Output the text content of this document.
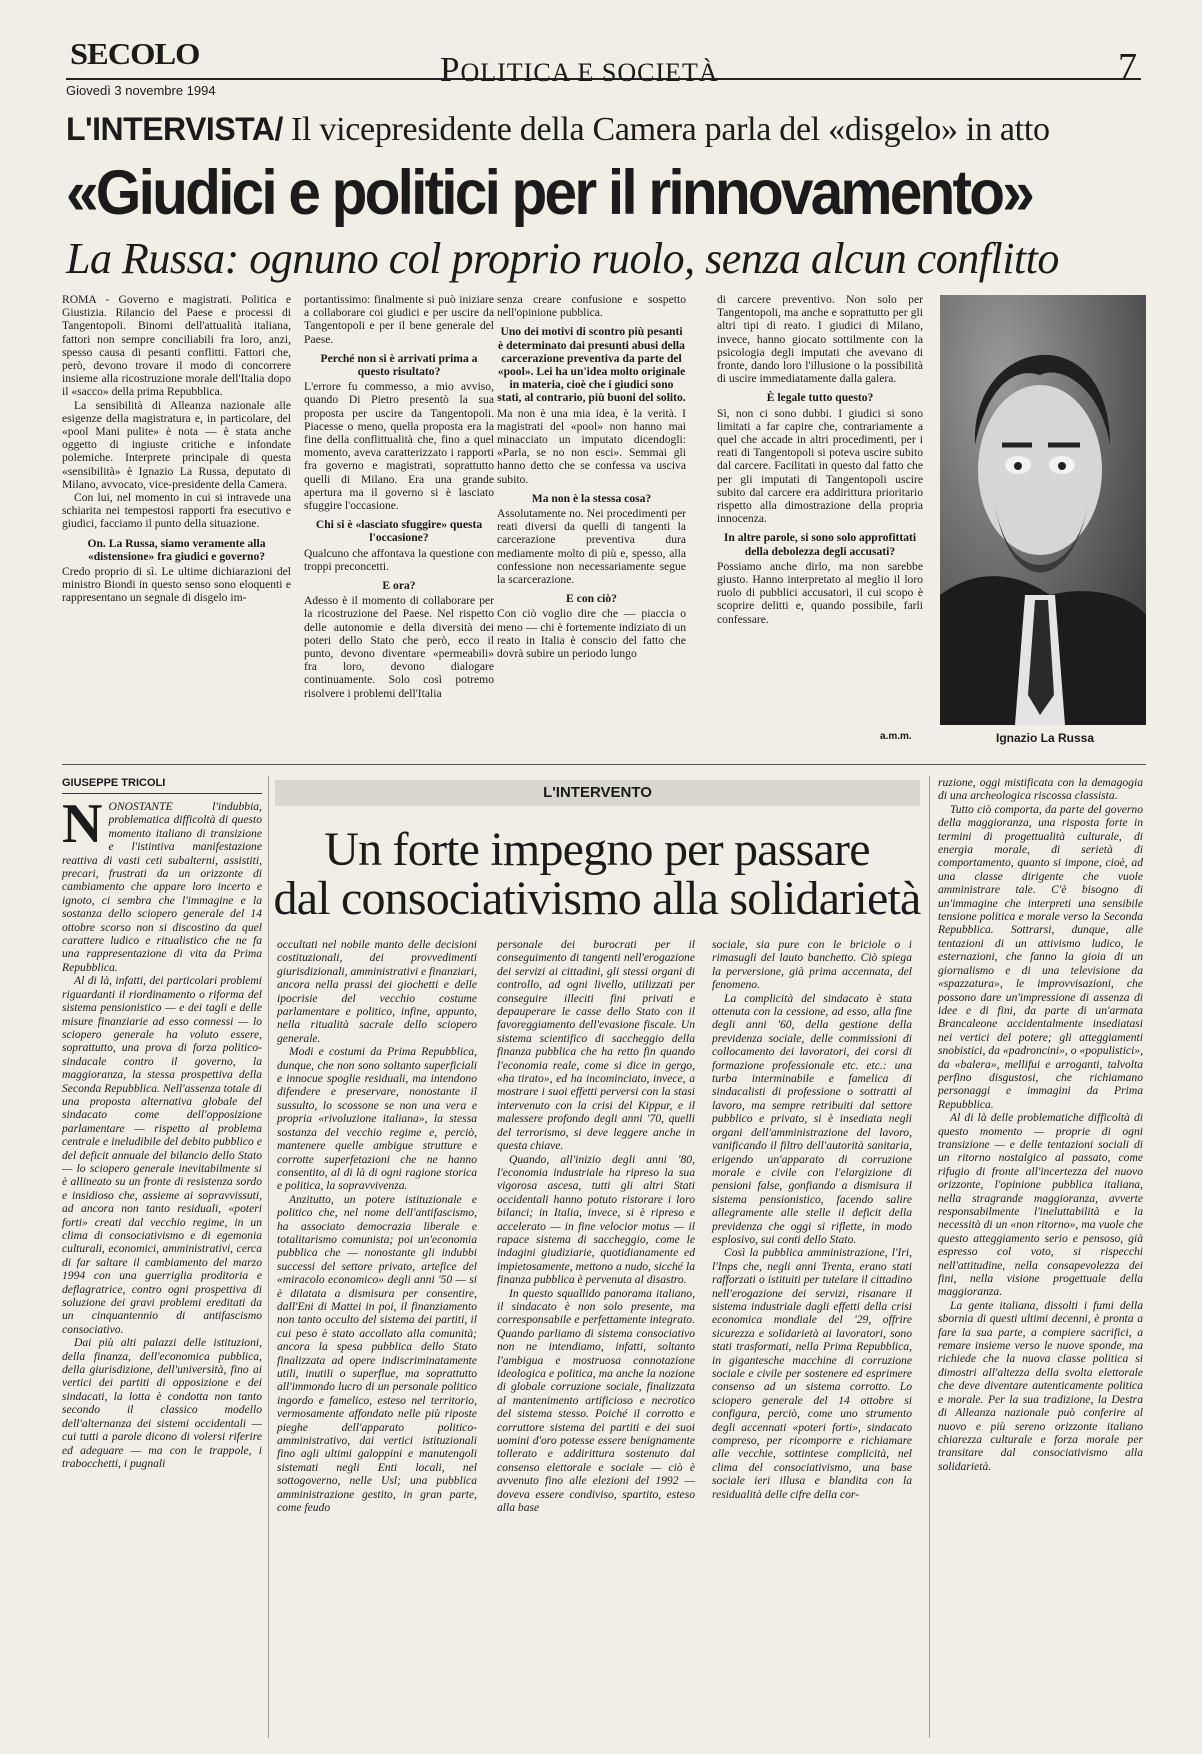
SECOLO
Giovedì 3 novembre 1994
POLITICA E SOCIETÀ	7
L'INTERVISTA/ Il vicepresidente della Camera parla del «disgelo» in atto
«Giudici e politici per il rinnovamento»
La Russa: ognuno col proprio ruolo, senza alcun conflitto

ROMA - Governo e magistrati. Politica e Giustizia. Rilancio del Paese e processi di Tangentopoli. Binomi dell'attualità italiana, fattori non sempre conciliabili fra loro, anzi, spesso causa di pesanti conflitti. Fattori che, però, devono trovare il modo di concorrere insieme alla ricostruzione morale dell'Italia dopo il «sacco» della prima Repubblica.

La sensibilità di Alleanza nazionale alle esigenze della magistratura e, in particolare, del «pool Mani pulite» è nota — è stata anche oggetto di ingiuste critiche e infondate polemiche. Interprete principale di questa «sensibilità» è Ignazio La Russa, deputato di Milano, avvocato, vice-presidente della Camera.

Con lui, nel momento in cui si intravede una schiarita nei tempestosi rapporti fra esecutivo e giudici, facciamo il punto della situazione.

On. La Russa, siamo veramente alla «distensione» fra giudici e governo?

Credo proprio di sì. Le ultime dichiarazioni del ministro Biondi in questo senso sono eloquenti e rappresentano un segnale di disgelo im-

portantissimo: finalmente si può iniziare a collaborare coi giudici e per uscire da Tangentopoli e per il bene generale del Paese.

Perché non si è arrivati prima a questo risultato?

L'errore fu commesso, a mio avviso, quando Di Pietro presentò la sua proposta per uscire da Tangentopoli. Piacesse o meno, quella proposta era la fine della conflittualità che, fino a quel momento, aveva caratterizzato i rapporti fra governo e magistrati, soprattutto quelli di Milano. Era una grande apertura ma il governo si è lasciato sfuggire l'occasione.

Chi si è «lasciato sfuggire» questa l'occasione?

Qualcuno che affontava la questione con troppi preconcetti.

E ora?

Adesso è il momento di collaborare per la ricostruzione del Paese. Nel rispetto delle autonomie e della diversità dei poteri dello Stato che però, ecco il punto, devono diventare «permeabili» fra loro, devono dialogare continuamente. Solo così potremo risolvere i problemi dell'Italia

senza creare confusione e sospetto nell'opinione pubblica.

Uno dei motivi di scontro più pesanti è determinato dai presunti abusi della carcerazione preventiva da parte del «pool». Lei ha un'idea molto originale in materia, cioè che i giudici sono stati, al contrario, più buoni del solito.

Ma non è una mia idea, è la verità. I magistrati del «pool» non hanno mai minacciato un imputato dicendogli: «Parla, se no non esci». Semmai gli hanno detto che se confessa va usciva subito.

Ma non è la stessa cosa?

Assolutamente no. Nei procedimenti per reati diversi da quelli di tangenti la carcerazione preventiva dura mediamente molto di più e, spesso, alla confessione non necessariamente segue la scarcerazione.

E con ciò?

Con ciò voglio dire che — piaccia o meno — chi è fortemente indiziato di un reato in Italia è conscio del fatto che dovrà subire un periodo lungo

di carcere preventivo. Non solo per Tangentopoli, ma anche e soprattutto per gli altri tipi di reato. I giudici di Milano, invece, hanno giocato sottilmente con la psicologia degli imputati che avevano di fronte, dando loro l'illusione o la possibilità di uscire immediatamente dalla galera.

È legale tutto questo?

Sì, non ci sono dubbi. I giudici si sono limitati a far capire che, contrariamente a quel che accade in altri procedimenti, per i reati di Tangentopoli si poteva uscire subito dal carcere. Facilitati in questo dal fatto che per gli imputati di Tangentopoli uscire subito dal carcere era addirittura prioritario rispetto alla dimostrazione della propria innocenza.

In altre parole, si sono solo approfittati della debolezza degli accusati?

Possiamo anche dirlo, ma non sarebbe giusto. Hanno interpretato al meglio il loro ruolo di pubblici accusatori, il cui scopo è scoprire delitti e, quando possibile, farli confessare.

a.m.m.	Ignazio La Russa
GIUSEPPE TRICOLI
L'INTERVENTO
Un forte impegno per passare
dal consociativismo alla solidarietà

NONOSTANTE l'indubbia, problematica difficoltà di questo momento italiano di transizione e l'istintiva manifestazione reattiva di vasti ceti subalterni, assistiti, precari, frustrati da un orizzonte di cambiamento che appare loro incerto e ignoto, ci sembra che l'immagine e la sostanza dello sciopero generale del 14 ottobre scorso non si discostino da quel carattere ludico e ritualistico che ne fa una rappresentazione di vita da Prima Repubblica.

Al di là, infatti, dei particolari problemi riguardanti il riordinamento o riforma del sistema pensionistico — e dei tagli e delle misure finanziarie ad esso connessi — lo sciopero generale ha voluto essere, soprattutto, una prova di forza politico-sindacale contro il governo, la maggioranza, la stessa prospettiva della Seconda Repubblica. Nell'assenza totale di una proposta alternativa globale del sindacato come dell'opposizione parlamentare — rispetto al problema centrale e ineludibile del debito pubblico e del deficit annuale del bilancio dello Stato — lo sciopero generale inevitabilmente si è allineato su un fronte di resistenza sordo e insidioso che, assieme ai sopravvissuti, ad ancora non tanto residuali, «poteri forti» creati dal vecchio regime, in un clima di consociativismo e di egemonia culturali, economici, amministrativi, cerca di far saltare il cambiamento del marzo 1994 con una guerriglia proditoria e deflagratrice, contro ogni prospettiva di soluzione dei gravi problemi ereditati da un cinquantennio di antifascismo consociativo.

Dai più alti palazzi delle istituzioni, della finanza, dell'economica pubblica, della giurisdizione, dell'università, fino ai vertici dei partiti di opposizione e dei sindacati, la lotta è condotta non tanto secondo il classico modello dell'alternanza dei sistemi occidentali — cui tutti a parole dicono di volersi riferire ed adeguare — ma con le trappole, i trabocchetti, i pugnali

occultati nel nobile manto delle decisioni costituzionali, dei provvedimenti giurisdizionali, amministrativi e finanziari, ancora nella prassi dei giochetti e delle ipocrisie del vecchio costume parlamentare e politico, infine, appunto, nella ritualità sacrale dello sciopero generale.

Modi e costumi da Prima Repubblica, dunque, che non sono soltanto superficiali e innocue spoglie residuali, ma intendono difendere e preservare, nonostante il sussulto, lo scossone se non una vera e propria «rivoluzione italiana», la stessa sostanza del vecchio regime e, perciò, mantenere quelle ambigue strutture e corrotte superfetazioni che ne hanno consentito, al di là di ogni ragione storica e politica, la sopravvivenza.

Anzitutto, un potere istituzionale e politico che, nel nome dell'antifascismo, ha associato democrazia liberale e totalitarismo comunista; poi un'economia pubblica che — nonostante gli indubbi successi del settore privato, artefice del «miracolo economico» degli anni '50 — si è dilatata a dismisura per consentire, dall'Eni di Mattei in poi, il finanziamento non tanto occulto del sistema dei partiti, il cui peso è stato accollato alla comunità; ancora la spesa pubblica dello Stato finalizzata ad opere indiscriminatamente utili, inutili o superflue, ma soprattutto all'immondo lucro di un personale politico ingordo e famelico, esteso nel territorio, vermosamente affondato nelle più riposte pieghe dell'apparato politico-amministrativo, dai vertici istituzionali fino agli ultimi galoppini e manutengoli sistemati negli Enti locali, nel sottogoverno, nelle Usl; una pubblica amministrazione gestito, in gran parte, come feudo

personale dei burocrati per il conseguimento di tangenti nell'erogazione dei servizi ai cittadini, gli stessi organi di controllo, ad ogni livello, utilizzati per conseguire illeciti fini privati e depauperare le casse dello Stato con il favoreggiamento dell'evasione fiscale. Un sistema scientifico di saccheggio della finanza pubblica che ha retto fin quando l'economia reale, come si dice in gergo, «ha tirato», ed ha incominciato, invece, a mostrare i suoi effetti perversi con la stasi intervenuto con la crisi del Kippur, e il malessere profondo degli anni '70, quelli del terrorismo, si deve leggere anche in questa chiave.

Quando, all'inizio degli anni '80, l'economia industriale ha ripreso la sua vigorosa ascesa, tutti gli altri Stati occidentali hanno potuto ristorare i loro bilanci; in Italia, invece, si è ripreso e accelerato — in fine velocior motus — il rapace sistema di saccheggio, come le indagini giudiziarie, quotidianamente ed impietosamente, mettono a nudo, sicché la finanza pubblica è pervenuta al disastro.

In questo squallido panorama italiano, il sindacato è non solo presente, ma corresponsabile e perfettamente integrato. Quando parliamo di sistema consociativo non ne intendiamo, infatti, soltanto l'ambigua e mostruosa connotazione ideologica e politica, ma anche la nozione di globale corruzione sociale, finalizzata al mantenimento artificioso e necrotico del sistema stesso. Poiché il corrotto e corruttore sistema dei partiti e dei suoi uomini d'oro potesse essere benignamente tollerato e addirittura sostenuto dal consenso elettorale e sociale — ciò è avvenuto fino alle elezioni del 1992 — doveva essere condiviso, spartito, esteso alla base

sociale, sia pure con le briciole o i rimasugli del lauto banchetto. Ciò spiega la perversione, già prima accennata, del fenomeno.

La complicità del sindacato è stata ottenuta con la cessione, ad esso, alla fine degli anni '60, della gestione della previdenza sociale, delle commissioni di collocamento dei lavoratori, dei corsi di formazione professionale etc. etc.: una turba interminabile e famelica di sindacalisti di professione o sottratti al lavoro, ma sempre retribuiti dal settore pubblico e privato, si è insediata negli organi dell'amministrazione del lavoro, vanificando il filtro dell'autorità sanitaria, erigendo un'apparato di corruzione morale e civile con l'elargizione di pensioni false, gonfiando a dismisura il sistema pensionistico, facendo salire allegramente alle stelle il deficit della previdenza che oggi si riflette, in modo esplosivo, sui conti dello Stato.

Così la pubblica amministrazione, l'Iri, l'Inps che, negli anni Trenta, erano stati rafforzati o istituiti per tutelare il cittadino nell'erogazione dei servizi, risanare il sistema industriale dagli effetti della crisi economica mondiale del '29, offrire sicurezza e solidarietà ai lavoratori, sono stati trasformati, nella Prima Repubblica, in gigantesche macchine di corruzione sociale e civile per sostenere ed esprimere consenso ad un sistema corrotto. Lo sciopero generale del 14 ottobre si configura, perciò, come uno strumento degli accennati «poteri forti», sindacato compreso, per ricomporre e richiamare alle vecchie, sottintese complicità, nel clima del consociativismo, una base sociale ieri illusa e blandita con la residualità delle cifre della cor-

ruzione, oggi mistificata con la demagogia di una archeologica riscossa classista.

Tutto ciò comporta, da parte del governo della maggioranza, una risposta forte in termini di progettualità culturale, di energia morale, di serietà di comportamento, quanto si impone, cioè, ad una classe dirigente che vuole amministrare tale. C'è bisogno di un'immagine che interpreti una sensibile tensione politica e morale verso la Seconda Repubblica. Sottrarsi, dunque, alle tentazioni di un attivismo ludico, le esternazioni, che fanno la gioia di un giornalismo e di una televisione da «spazzatura», le improvvisazioni, che possono dare un'impressione di assenza di idee e di fini, da parte di un'armata Brancaleone accidentalmente insediatasi nei vertici del potere; gli atteggiamenti snobistici, da «padroncini», o «populistici», da «balera», mellifui e arroganti, talvolta perfino disgustosi, che richiamano personaggi e immagini da Prima Repubblica.

Al di là delle problematiche difficoltà di questo momento — proprie di ogni transizione — e delle tentazioni sociali di un ritorno nostalgico al passato, come rifugio di fronte all'incertezza del nuovo orizzonte, l'opinione pubblica italiana, nella stragrande maggioranza, avverte responsabilmente l'ineluttabilità e la necessità di un «non ritorno», ma vuole che questo atteggiamento serio e pensoso, già espresso col voto, si rispecchi nell'attitudine, nella consapevolezza dei fini, nella visione progettuale della maggioranza.

La gente italiana, dissolti i fumi della sbornia di questi ultimi decenni, è pronta a fare la sua parte, a compiere sacrifici, a remare insieme verso le nuove sponde, ma richiede che la nuova classe politica si dimostri all'altezza della svolta elettorale che deve diventare autenticamente politica e morale. Per la sua tradizione, la Destra di Alleanza nazionale può conferire al nuovo e più sereno orizzonte italiano chiarezza culturale e forza morale per transitare dal consociativismo alla solidarietà.
